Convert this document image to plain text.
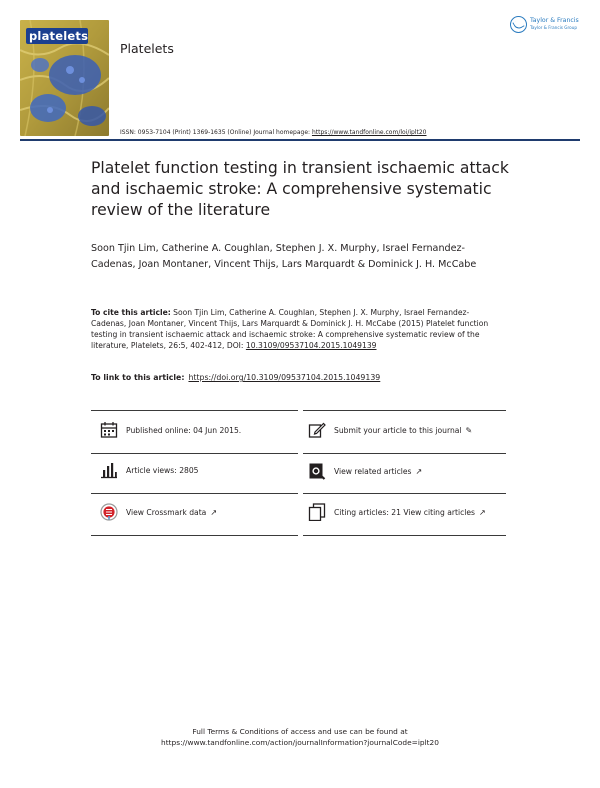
platelets
Platelets
Taylor & Francis
Taylor & Francis Group
ISSN: 0953-7104 (Print) 1369-1635 (Online) Journal homepage: https://www.tandfonline.com/loi/iplt20
Platelet function testing in transient ischaemic attack and ischaemic stroke: A comprehensive systematic review of the literature
Soon Tjin Lim, Catherine A. Coughlan, Stephen J. X. Murphy, Israel Fernandez-Cadenas, Joan Montaner, Vincent Thijs, Lars Marquardt & Dominick J. H. McCabe
To cite this article: Soon Tjin Lim, Catherine A. Coughlan, Stephen J. X. Murphy, Israel Fernandez-Cadenas, Joan Montaner, Vincent Thijs, Lars Marquardt & Dominick J. H. McCabe (2015) Platelet function testing in transient ischaemic attack and ischaemic stroke: A comprehensive systematic review of the literature, Platelets, 26:5, 402-412, DOI: 10.3109/09537104.2015.1049139
To link to this article: https://doi.org/10.3109/09537104.2015.1049139
Published online: 04 Jun 2015.	Submit your article to this journal ✎
Article views: 2805	View related articles ↗
View Crossmark data ↗	Citing articles: 21 View citing articles ↗
Full Terms & Conditions of access and use can be found at
https://www.tandfonline.com/action/journalInformation?journalCode=iplt20
